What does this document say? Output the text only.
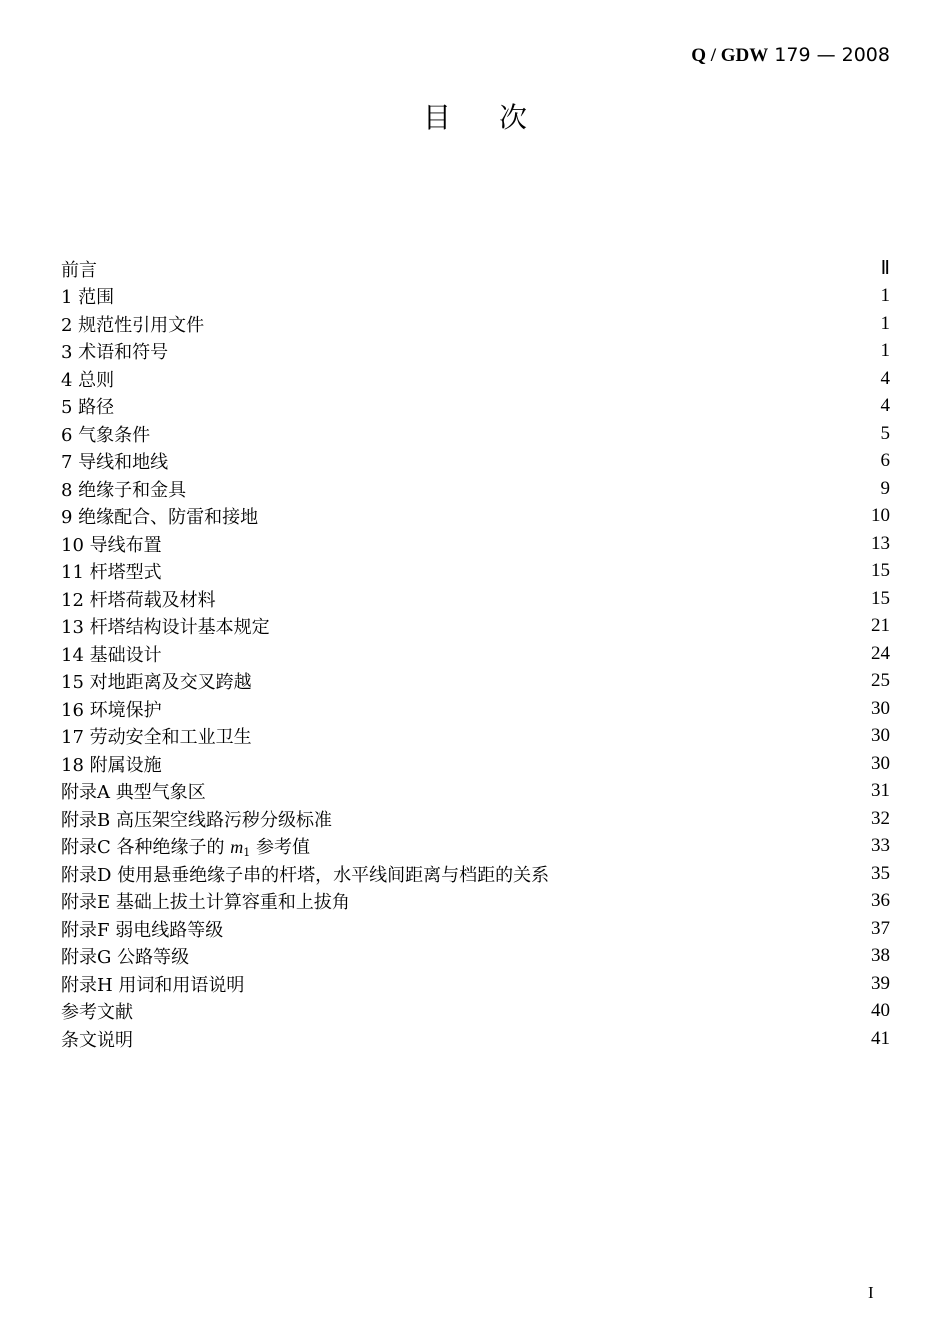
Q / GDW 179 — 2008
目次
前言	Ⅱ
1 范围	1
2 规范性引用文件	1
3 术语和符号	1
4 总则	4
5 路径	4
6 气象条件	5
7 导线和地线	6
8 绝缘子和金具	9
9 绝缘配合、防雷和接地	10
10 导线布置	13
11 杆塔型式	15
12 杆塔荷载及材料	15
13 杆塔结构设计基本规定	21
14 基础设计	24
15 对地距离及交叉跨越	25
16 环境保护	30
17 劳动安全和工业卫生	30
18 附属设施	30
附录A 典型气象区	31
附录B 高压架空线路污秽分级标准	32
附录C 各种绝缘子的 $m_1$ 参考值	33
附录D 使用悬垂绝缘子串的杆塔，水平线间距离与档距的关系	35
附录E 基础上拔土计算容重和上拔角	36
附录F 弱电线路等级	37
附录G 公路等级	38
附录H 用词和用语说明	39
参考文献	40
条文说明	41
I
